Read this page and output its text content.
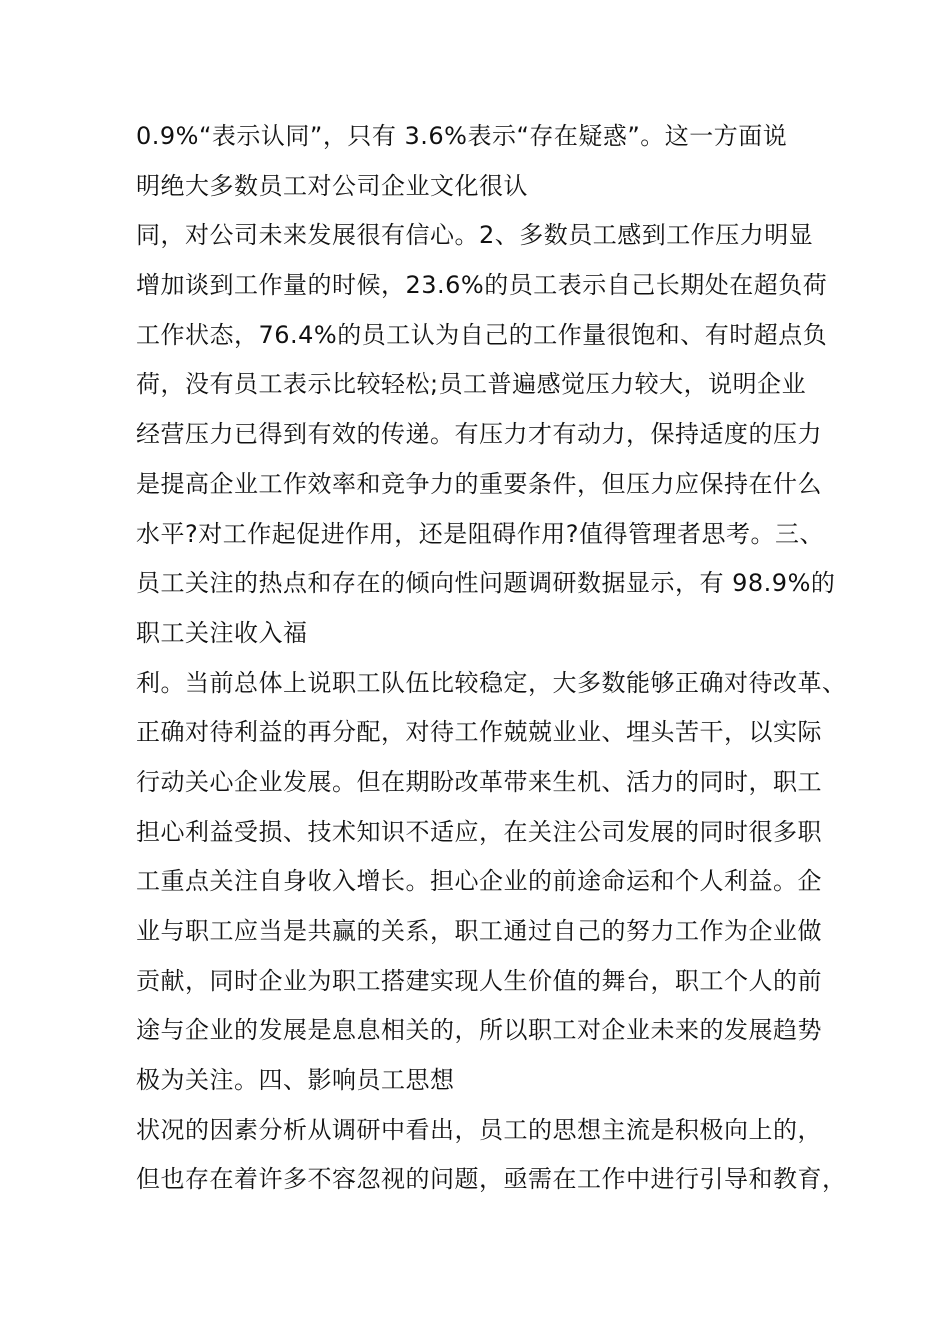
0.9%“表示认同”，只有 3.6%表示“存在疑惑”。这一方面说
明绝大多数员工对公司企业文化很认
同，对公司未来发展很有信心。2、多数员工感到工作压力明显
增加谈到工作量的时候，23.6%的员工表示自己长期处在超负荷
工作状态，76.4%的员工认为自己的工作量很饱和、有时超点负
荷，没有员工表示比较轻松;员工普遍感觉压力较大，说明企业
经营压力已得到有效的传递。有压力才有动力，保持适度的压力
是提高企业工作效率和竞争力的重要条件，但压力应保持在什么
水平?对工作起促进作用，还是阻碍作用?值得管理者思考。三、
员工关注的热点和存在的倾向性问题调研数据显示，有 98.9%的
职工关注收入福
利。当前总体上说职工队伍比较稳定，大多数能够正确对待改革、
正确对待利益的再分配，对待工作兢兢业业、埋头苦干，以实际
行动关心企业发展。但在期盼改革带来生机、活力的同时，职工
担心利益受损、技术知识不适应，在关注公司发展的同时很多职
工重点关注自身收入增长。担心企业的前途命运和个人利益。企
业与职工应当是共赢的关系，职工通过自己的努力工作为企业做
贡献，同时企业为职工搭建实现人生价值的舞台，职工个人的前
途与企业的发展是息息相关的，所以职工对企业未来的发展趋势
极为关注。四、影响员工思想
状况的因素分析从调研中看出，员工的思想主流是积极向上的，
但也存在着许多不容忽视的问题，亟需在工作中进行引导和教育，
